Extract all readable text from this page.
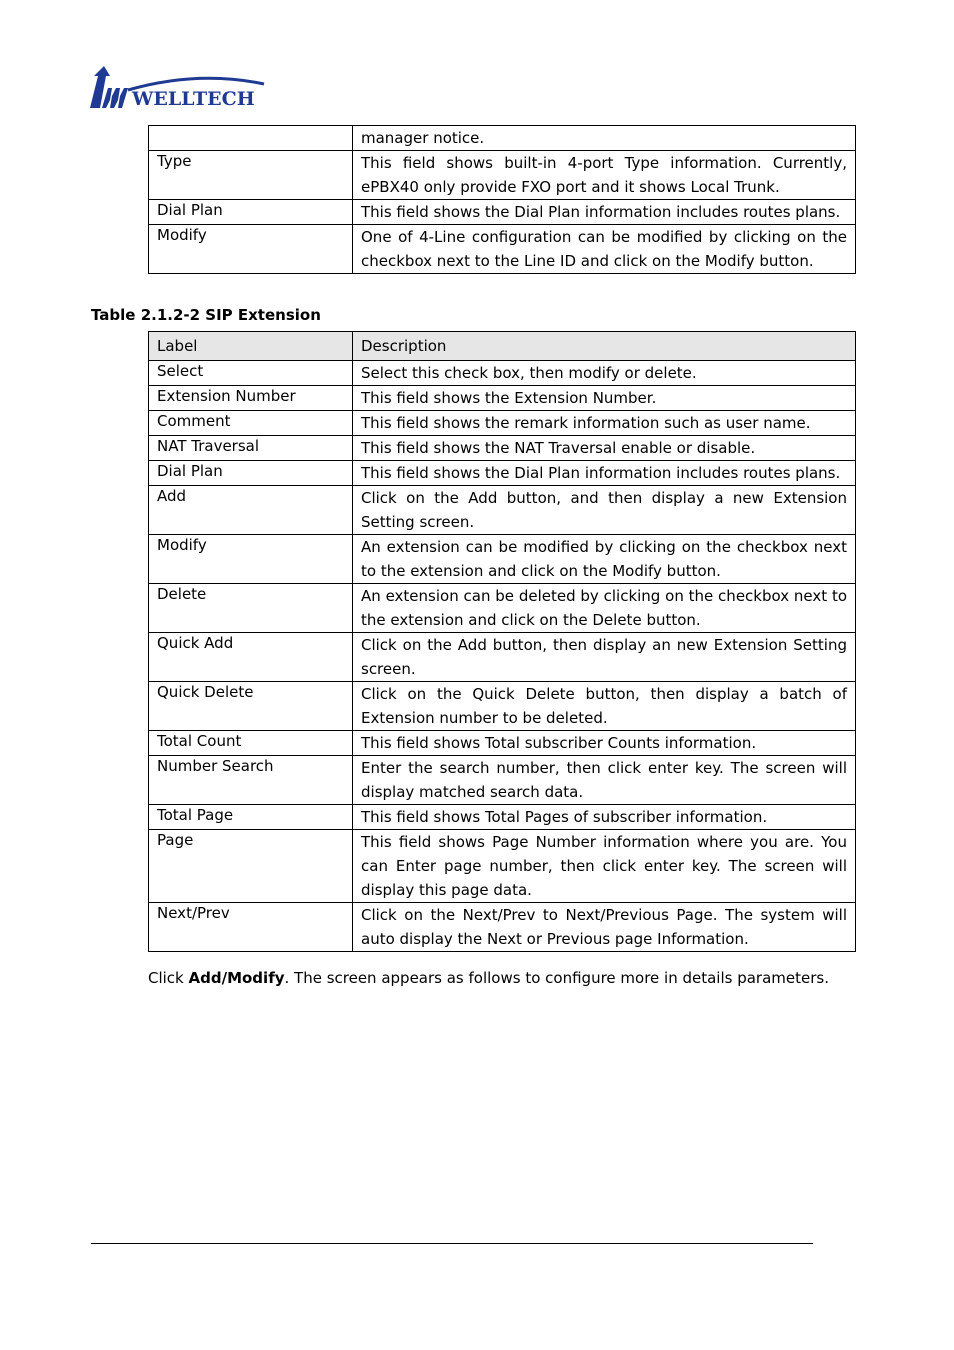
WELLTECH
	manager notice.
Type	This field shows built-in 4-port Type information. Currently, ePBX40 only provide FXO port and it shows Local Trunk.
Dial Plan	This field shows the Dial Plan information includes routes plans.
Modify	One of 4-Line configuration can be modified by clicking on the checkbox next to the Line ID and click on the Modify button.
Table 2.1.2-2 SIP Extension
Label	Description
Select	Select this check box, then modify or delete.
Extension Number	This field shows the Extension Number.
Comment	This field shows the remark information such as user name.
NAT Traversal	This field shows the NAT Traversal enable or disable.
Dial Plan	This field shows the Dial Plan information includes routes plans.
Add	Click on the Add button, and then display a new Extension Setting screen.
Modify	An extension can be modified by clicking on the checkbox next to the extension and click on the Modify button.
Delete	An extension can be deleted by clicking on the checkbox next to the extension and click on the Delete button.
Quick Add	Click on the Add button, then display an new Extension Setting screen.
Quick Delete	Click on the Quick Delete button, then display a batch of Extension number to be deleted.
Total Count	This field shows Total subscriber Counts information.
Number Search	Enter the search number, then click enter key. The screen will display matched search data.
Total Page	This field shows Total Pages of subscriber information.
Page	This field shows Page Number information where you are. You can Enter page number, then click enter key. The screen will display this page data.
Next/Prev	Click on the Next/Prev to Next/Previous Page. The system will auto display the Next or Previous page Information.
Click Add/Modify. The screen appears as follows to configure more in details parameters.
